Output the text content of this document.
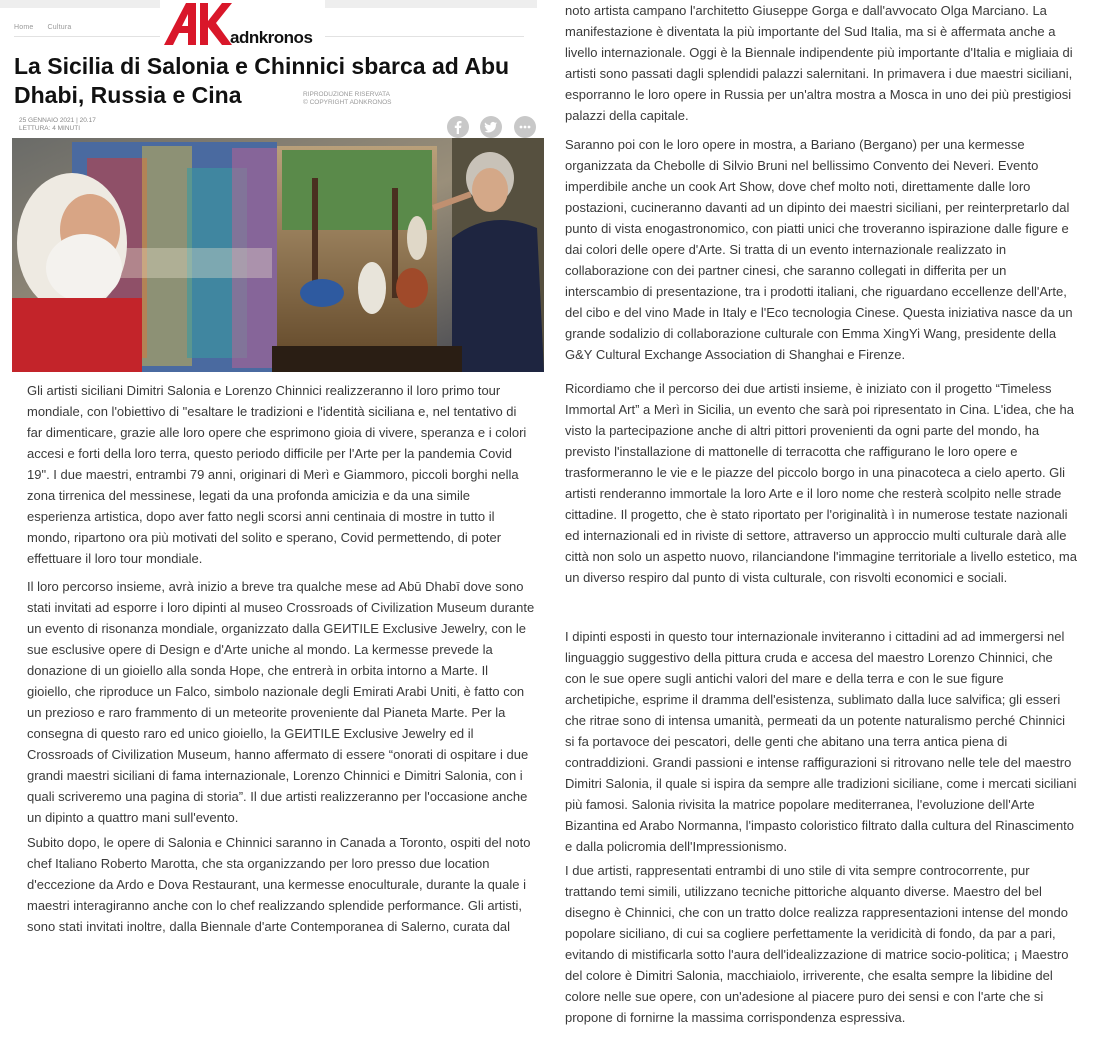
Home Cultura
adnkronos
La Sicilia di Salonia e Chinnici sbarca ad Abu Dhabi, Russia e Cina	RIPRODUZIONE RISERVATA
© COPYRIGHT ADNKRONOS
25 GENNAIO 2021 | 20.17
LETTURA: 4 MINUTI

Gli artisti siciliani Dimitri Salonia e Lorenzo Chinnici realizzeranno il loro primo tour mondiale, con l'obiettivo di "esaltare le tradizioni e l'identità siciliana e, nel tentativo di far dimenticare, grazie alle loro opere che esprimono gioia di vivere, speranza e i colori accesi e forti della loro terra, questo periodo difficile per l'Arte per la pandemia Covid 19". I due maestri, entrambi 79 anni, originari di Merì e Giammoro, piccoli borghi nella zona tirrenica del messinese, legati da una profonda amicizia e da una simile esperienza artistica, dopo aver fatto negli scorsi anni centinaia di mostre in tutto il mondo, ripartono ora più motivati del solito e sperano, Covid permettendo, di poter effettuare il loro tour mondiale.

Il loro percorso insieme, avrà inizio a breve tra qualche mese ad Abū Dhabī dove sono stati invitati ad esporre i loro dipinti al museo Crossroads of Civilization Museum durante un evento di risonanza mondiale, organizzato dalla GEИTILE Exclusive Jewelry, con le sue esclusive opere di Design e d'Arte uniche al mondo. La kermesse prevede la donazione di un gioiello alla sonda Hope, che entrerà in orbita intorno a Marte. Il gioiello, che riproduce un Falco, simbolo nazionale degli Emirati Arabi Uniti, è fatto con un prezioso e raro frammento di un meteorite proveniente dal Pianeta Marte. Per la consegna di questo raro ed unico gioiello, la GEИTILE Exclusive Jewelry ed il Crossroads of Civilization Museum, hanno affermato di essere “onorati di ospitare i due grandi maestri siciliani di fama internazionale, Lorenzo Chinnici e Dimitri Salonia, con i quali scriveremo una pagina di storia”. Il due artisti realizzeranno per l'occasione anche un dipinto a quattro mani sull'evento.

Subito dopo, le opere di Salonia e Chinnici saranno in Canada a Toronto, ospiti del noto chef Italiano Roberto Marotta, che sta organizzando per loro presso due location d'eccezione da Ardo e Dova Restaurant, una kermesse enoculturale, durante la quale i maestri interagiranno anche con lo chef realizzando splendide performance. Gli artisti, sono stati invitati inoltre, dalla Biennale d'arte Contemporanea di Salerno, curata dal

noto artista campano l'architetto Giuseppe Gorga e dall'avvocato Olga Marciano. La manifestazione è diventata la più importante del Sud Italia, ma si è affermata anche a livello internazionale. Oggi è la Biennale indipendente più importante d'Italia e migliaia di artisti sono passati dagli splendidi palazzi salernitani. In primavera i due maestri siciliani, esporranno le loro opere in Russia per un'altra mostra a Mosca in uno dei più prestigiosi palazzi della capitale.

Saranno poi con le loro opere in mostra, a Bariano (Bergano) per una kermesse organizzata da Chebolle di Silvio Bruni nel bellissimo Convento dei Neveri. Evento imperdibile anche un cook Art Show, dove chef molto noti, direttamente dalle loro postazioni, cucineranno davanti ad un dipinto dei maestri siciliani, per reinterpretarlo dal punto di vista enogastronomico, con piatti unici che troveranno ispirazione dalle figure e dai colori delle opere d'Arte. Si tratta di un evento internazionale realizzato in collaborazione con dei partner cinesi, che saranno collegati in differita per un interscambio di presentazione, tra i prodotti italiani, che riguardano eccellenze dell'Arte, del cibo e del vino Made in Italy e l'Eco tecnologia Cinese. Questa iniziativa nasce da un grande sodalizio di collaborazione culturale con Emma XingYi Wang, presidente della G&Y Cultural Exchange Association di Shanghai e Firenze.

Ricordiamo che il percorso dei due artisti insieme, è iniziato con il progetto “Timeless Immortal Art” a Merì in Sicilia, un evento che sarà poi ripresentato in Cina. L'idea, che ha visto la partecipazione anche di altri pittori provenienti da ogni parte del mondo, ha previsto l'installazione di mattonelle di terracotta che raffigurano le loro opere e trasformeranno le vie e le piazze del piccolo borgo in una pinacoteca a cielo aperto. Gli artisti renderanno immortale la loro Arte e il loro nome che resterà scolpito nelle strade cittadine. Il progetto, che è stato riportato per l'originalità ì in numerose testate nazionali ed internazionali ed in riviste di settore, attraverso un approccio multi culturale darà alle città non solo un aspetto nuovo, rilanciandone l'immagine territoriale a livello estetico, ma un diverso respiro dal punto di vista culturale, con risvolti economici e sociali.

I dipinti esposti in questo tour internazionale inviteranno i cittadini ad ad immergersi nel linguaggio suggestivo della pittura cruda e accesa del maestro Lorenzo Chinnici, che con le sue opere sugli antichi valori del mare e della terra e con le sue figure archetipiche, esprime il dramma dell'esistenza, sublimato dalla luce salvifica; gli esseri che ritrae sono di intensa umanità, permeati da un potente naturalismo perché Chinnici si fa portavoce dei pescatori, delle genti che abitano una terra antica piena di contraddizioni. Grandi passioni e intense raffigurazioni si ritrovano nelle tele del maestro Dimitri Salonia, il quale si ispira da sempre alle tradizioni siciliane, come i mercati siciliani più famosi. Salonia rivisita la matrice popolare mediterranea, l'evoluzione dell'Arte Bizantina ed Arabo Normanna, l'impasto coloristico filtrato dalla cultura del Rinascimento e dalla policromia dell'Impressionismo.

I due artisti, rappresentati entrambi di uno stile di vita sempre controcorrente, pur trattando temi simili, utilizzano tecniche pittoriche alquanto diverse. Maestro del bel disegno è Chinnici, che con un tratto dolce realizza rappresentazioni intense del mondo popolare siciliano, di cui sa cogliere perfettamente la veridicità di fondo, da par a pari, evitando di mistificarla sotto l'aura dell'idealizzazione di matrice socio-politica; ¡ Maestro del colore è Dimitri Salonia, macchiaiolo, irriverente, che esalta sempre la libidine del colore nelle sue opere, con un'adesione al piacere puro dei sensi e con l'arte che si propone di fornirne la massima corrispondenza espressiva.
